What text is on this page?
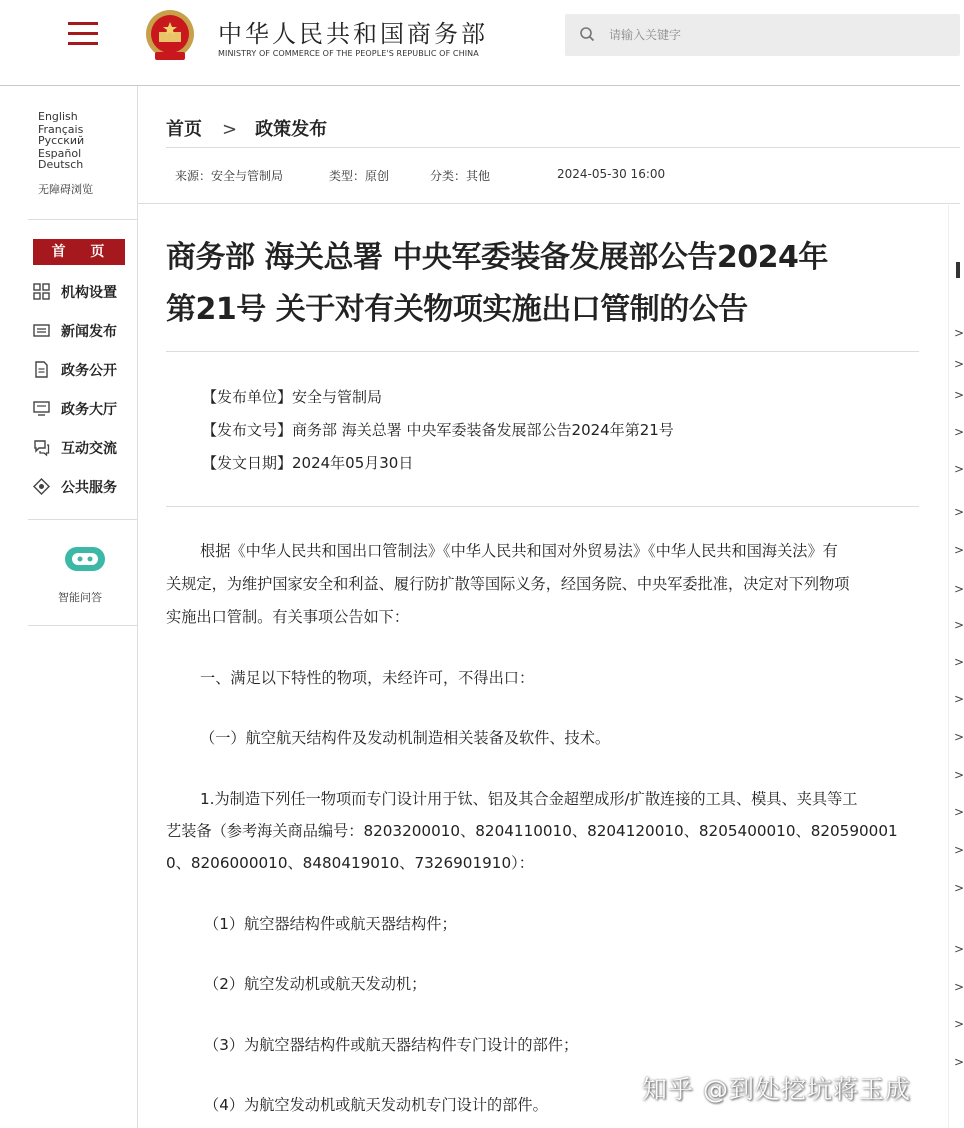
中华人民共和国商务部
MINISTRY OF COMMERCE OF THE PEOPLE'S REPUBLIC OF CHINA
请输入关键字
English Français
Русский Español
Deutsch
无障碍浏览
首 页
机构设置
新闻发布
政务公开
政务大厅
互动交流
公共服务
智能问答
首页 > 政策发布
来源：安全与管制局	类型：原创	分类：其他	2024-05-30 16:00
商务部 海关总署 中央军委装备发展部公告2024年
第21号 关于对有关物项实施出口管制的公告
【发布单位】安全与管制局
【发布文号】商务部 海关总署 中央军委装备发展部公告2024年第21号
【发文日期】2024年05月30日
根据《中华人民共和国出口管制法》《中华人民共和国对外贸易法》《中华人民共和国海关法》有
关规定，为维护国家安全和利益、履行防扩散等国际义务，经国务院、中央军委批准，决定对下列物项
实施出口管制。有关事项公告如下：
一、满足以下特性的物项，未经许可，不得出口：
（一）航空航天结构件及发动机制造相关装备及软件、技术。
1.为制造下列任一物项而专门设计用于钛、铝及其合金超塑成形/扩散连接的工具、模具、夹具等工
艺装备（参考海关商品编号：8203200010、8204110010、8204120010、8205400010、820590001
0、8206000010、8480419010、7326901910）：
（1）航空器结构件或航天器结构件；
（2）航空发动机或航天发动机；
（3）为航空器结构件或航天器结构件专门设计的部件；
（4）为航空发动机或航天发动机专门设计的部件。
>
>
>
>
>
>
>
>
>
>
>
>
>
>
>
>
>
>
>
>
知乎 @到处挖坑蒋玉成
